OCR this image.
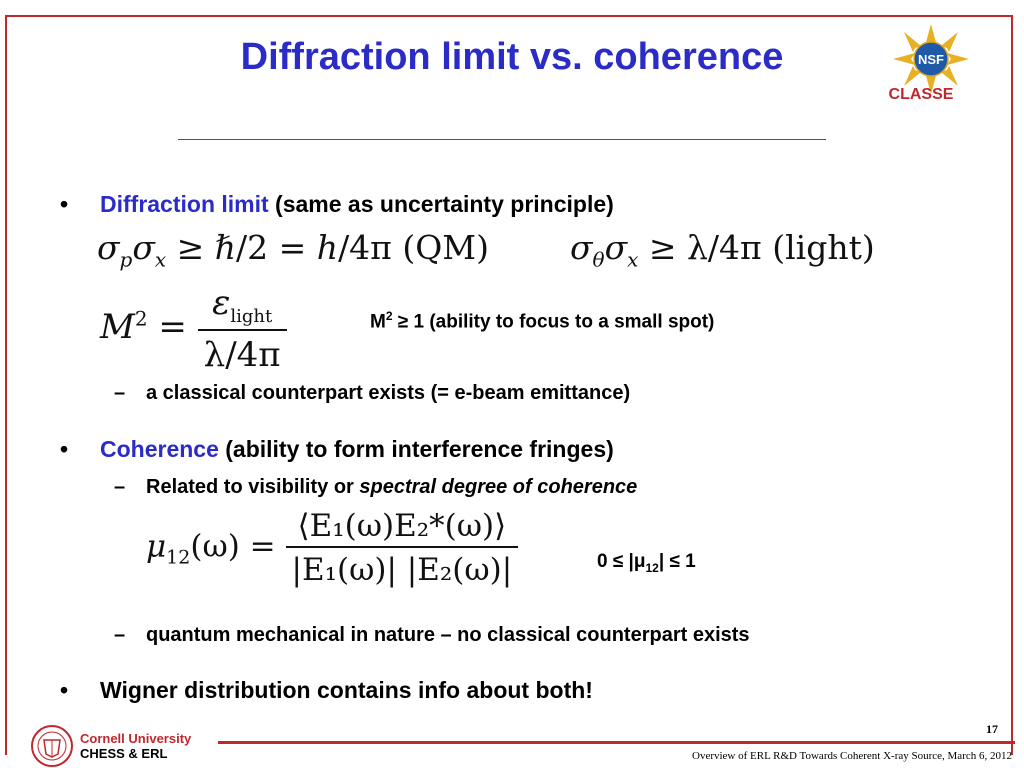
Diffraction limit vs. coherence	NSF
CLASSE
• Diffraction limit (same as uncertainty principle)
$\sigma_p\sigma_x$ ≥ ℏ/2 = h/4π (QM) $\sigma_\theta\sigma_x \ge \lambda/4\pi$ (light)
$M^2 = \frac{\varepsilon_{light}}{\lambda/4\pi}$	$M^2 \ge 1$ (ability to focus to a small spot)
– a classical counterpart exists (= e-beam emittance)
• Coherence (ability to form interference fringes)
– Related to visibility or spectral degree of coherence
$\mu_{12}(\omega) = \frac{\text{⟨E₁(ω)E₂*(ω)⟩}}{\text{|E₁(ω)| |E₂(ω)|}}$	$0 \le |\mu_{12}| \le 1$
– quantum mechanical in nature – no classical counterpart exists
• Wigner distribution contains info about both!
Cornell University
CHESS & ERL
17
Overview of ERL R&D Towards Coherent X-ray Source, March 6, 2012
